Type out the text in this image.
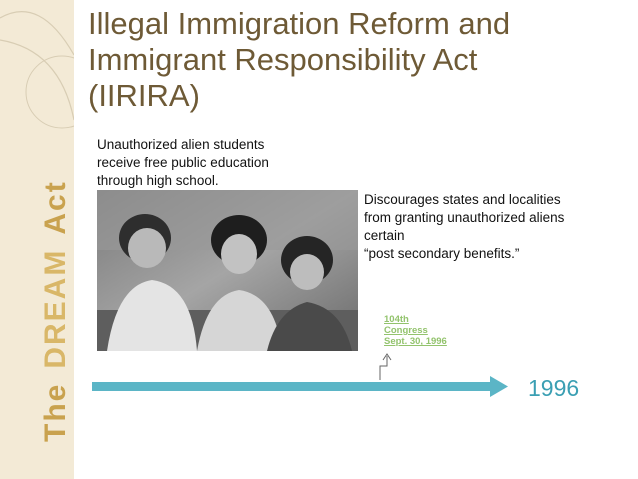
TheDREAMAct
Illegal Immigration Reform and
Immigrant Responsibility Act
(IIRIRA)
Unauthorized alien students
receive free public education
through high school.
Discourages states and localities
from granting unauthorized aliens
certain
“post secondary benefits.”
104th
Congress
Sept. 30, 1996
1996
